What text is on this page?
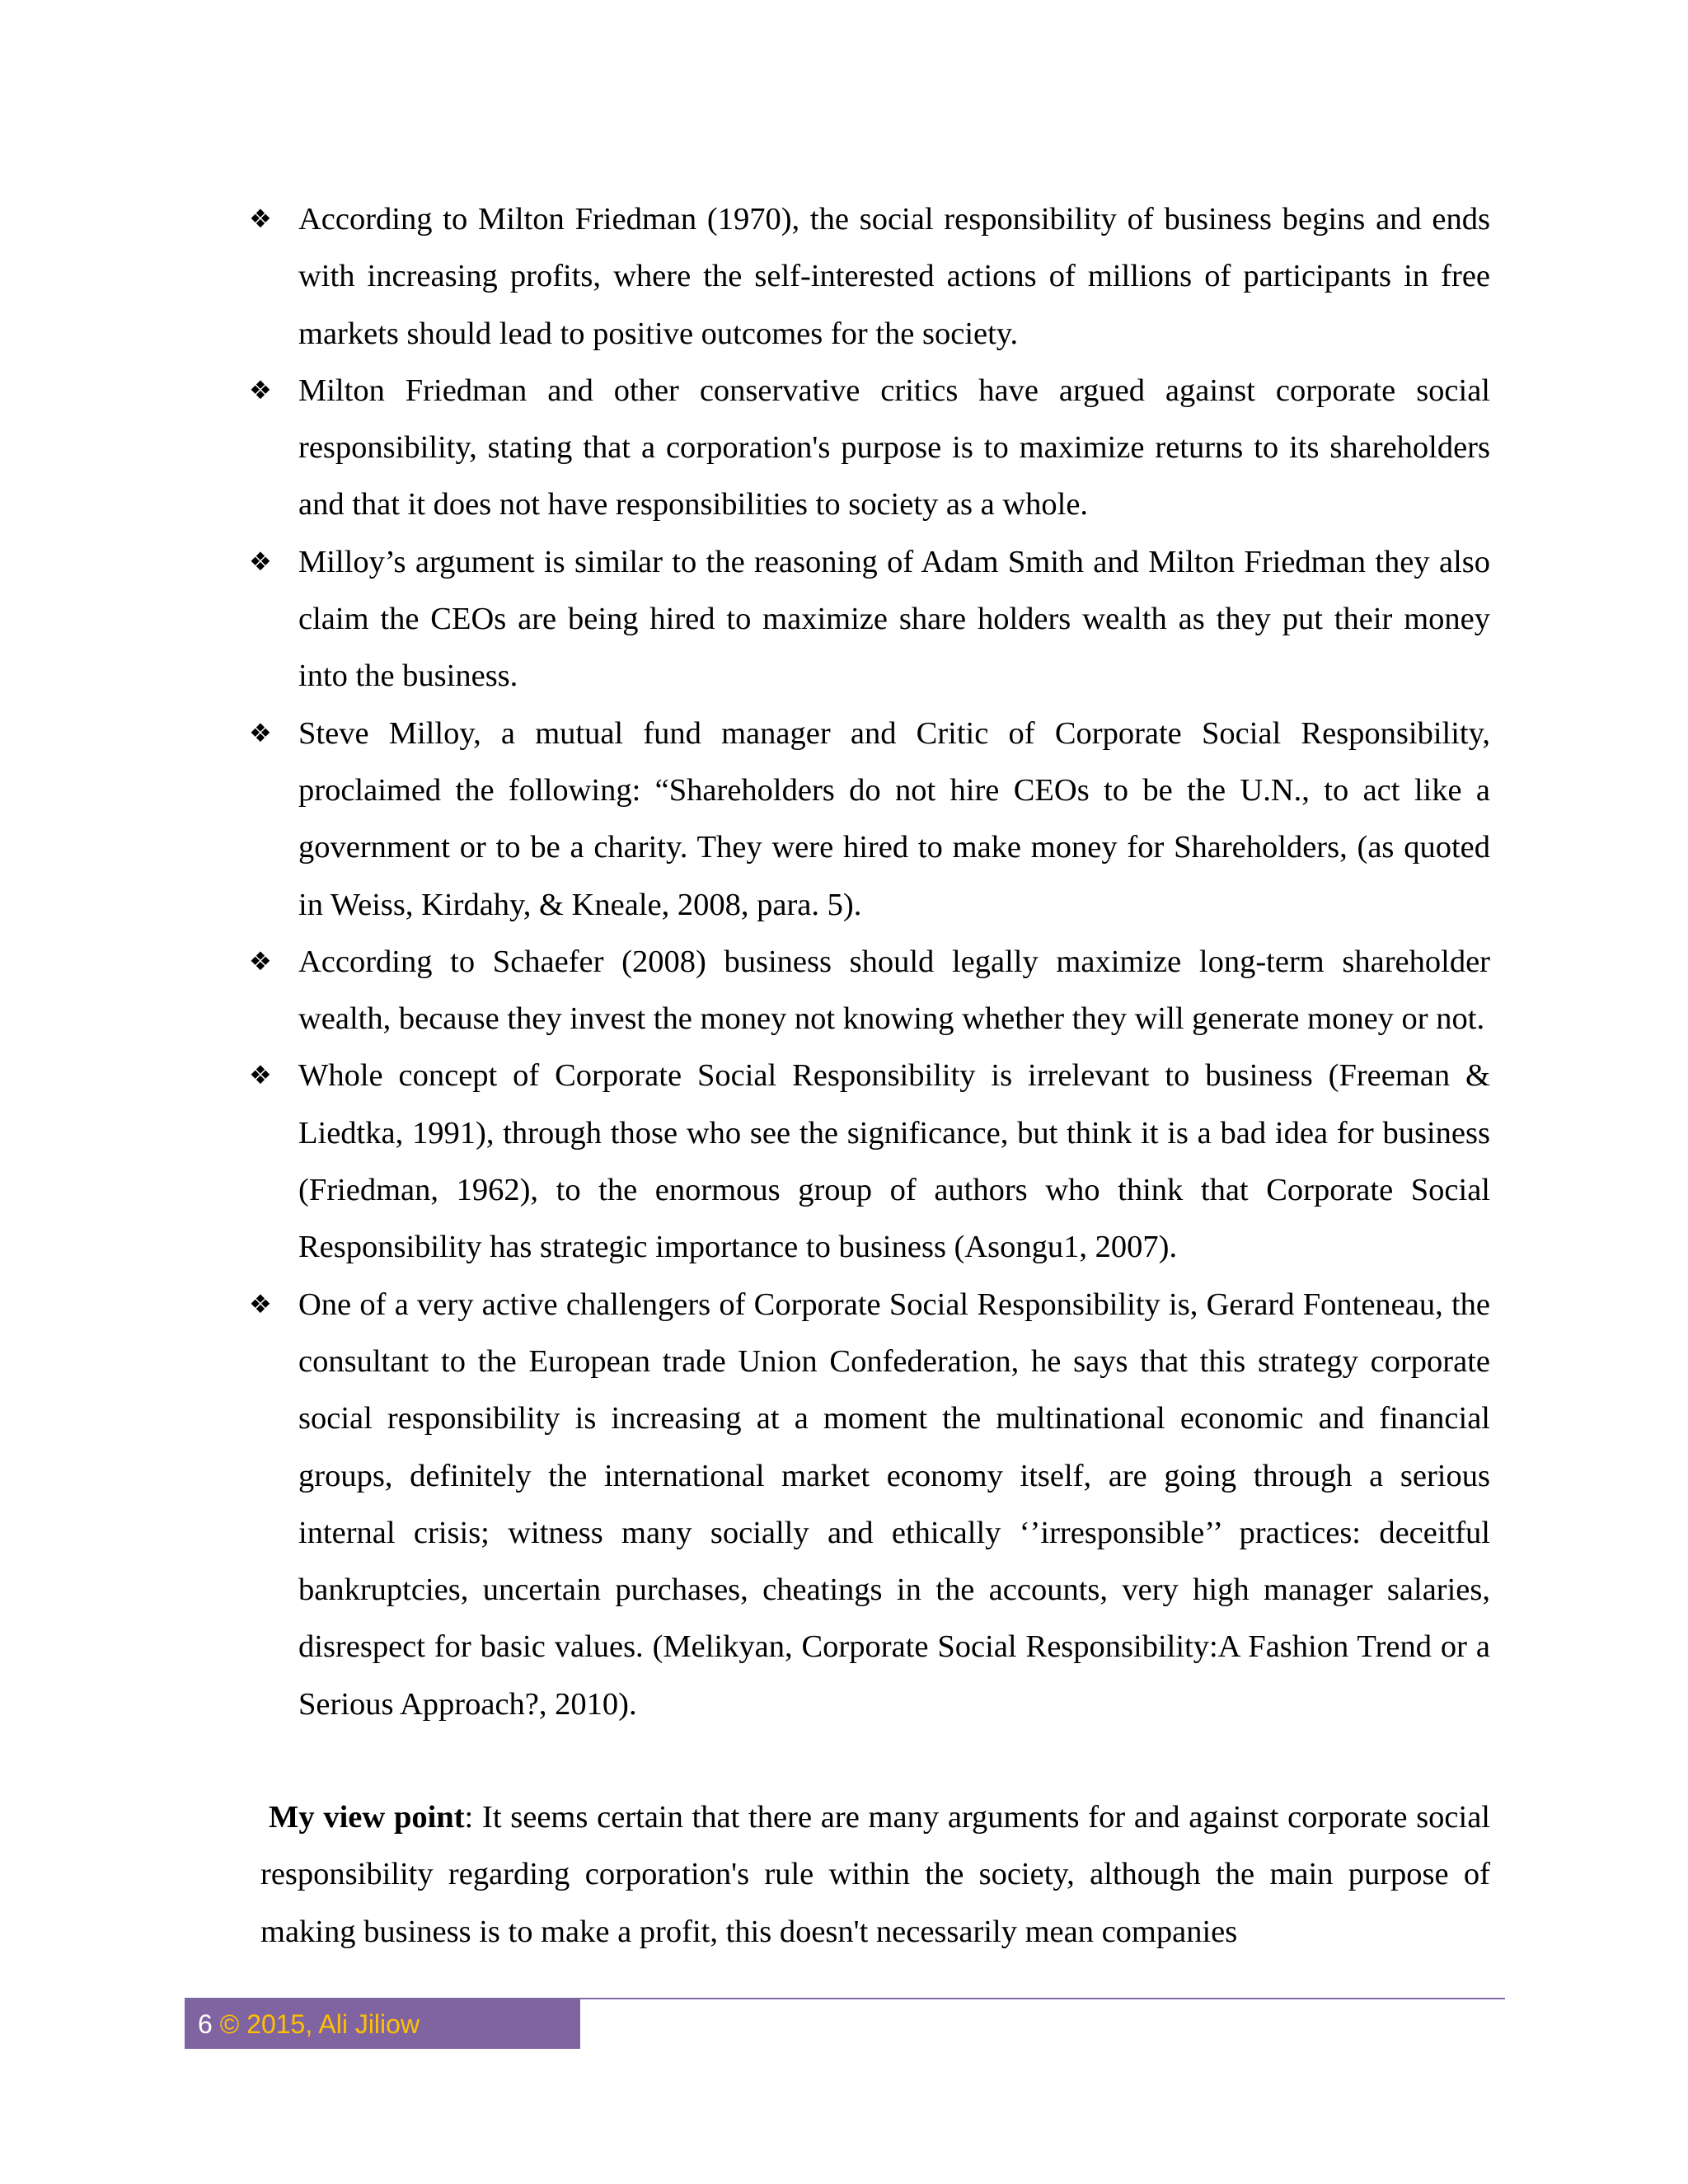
❖ According to Milton Friedman (1970), the social responsibility of business begins and ends with increasing profits, where the self-interested actions of millions of participants in free markets should lead to positive outcomes for the society.
❖ Milton Friedman and other conservative critics have argued against corporate social responsibility, stating that a corporation's purpose is to maximize returns to its shareholders and that it does not have responsibilities to society as a whole.
❖ Milloy’s argument is similar to the reasoning of Adam Smith and Milton Friedman they also claim the CEOs are being hired to maximize share holders wealth as they put their money into the business.
❖ Steve Milloy, a mutual fund manager and Critic of Corporate Social Responsibility, proclaimed the following: “Shareholders do not hire CEOs to be the U.N., to act like a government or to be a charity. They were hired to make money for Shareholders, (as quoted in Weiss, Kirdahy, & Kneale, 2008, para. 5).
❖ According to Schaefer (2008) business should legally maximize long-term shareholder wealth, because they invest the money not knowing whether they will generate money or not.
❖ Whole concept of Corporate Social Responsibility is irrelevant to business (Freeman & Liedtka, 1991), through those who see the significance, but think it is a bad idea for business (Friedman, 1962), to the enormous group of authors who think that Corporate Social Responsibility has strategic importance to business (Asongu1, 2007).
❖ One of a very active challengers of Corporate Social Responsibility is, Gerard Fonteneau, the consultant to the European trade Union Confederation, he says that this strategy corporate social responsibility is increasing at a moment the multinational economic and financial groups, definitely the international market economy itself, are going through a serious internal crisis; witness many socially and ethically ‘’irresponsible’’ practices: deceitful bankruptcies, uncertain purchases, cheatings in the accounts, very high manager salaries, disrespect for basic values. (Melikyan, Corporate Social Responsibility:A Fashion Trend or a Serious Approach?, 2010).

My view point: It seems certain that there are many arguments for and against corporate social responsibility regarding corporation's rule within the society, although the main purpose of making business is to make a profit, this doesn't necessarily mean companies

6 © 2015, Ali Jiliow
